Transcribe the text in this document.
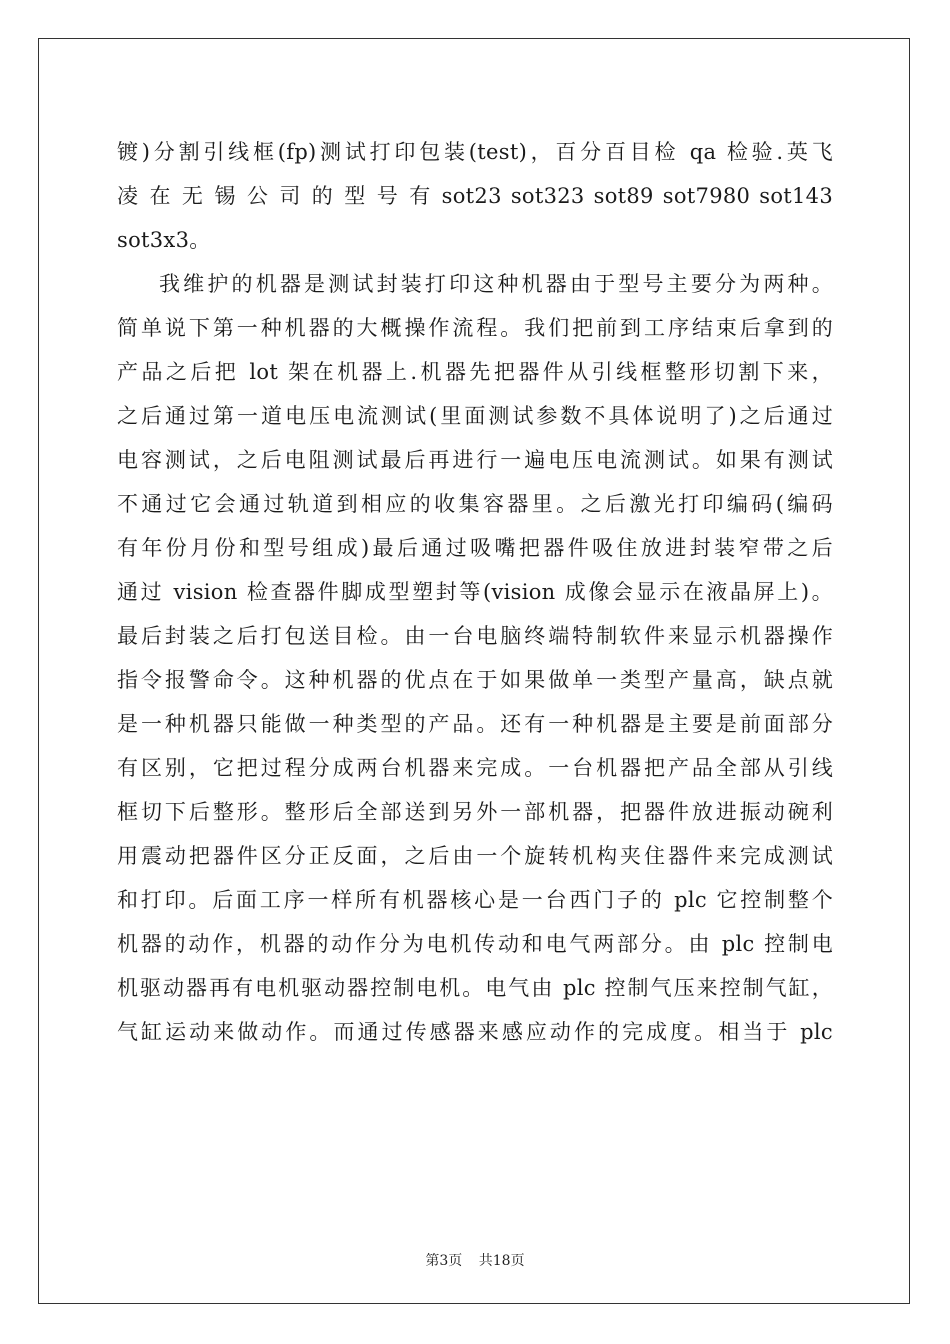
镀)分割引线框(fp)测试打印包装(test)，百分百目检 qa 检验.英飞
凌 在 无 锡 公 司 的 型 号 有 sot23 sot323 sot89 sot7980 sot143
sot3x3。
我维护的机器是测试封装打印这种机器由于型号主要分为两种。
简单说下第一种机器的大概操作流程。我们把前到工序结束后拿到的
产品之后把 lot 架在机器上.机器先把器件从引线框整形切割下来，
之后通过第一道电压电流测试(里面测试参数不具体说明了)之后通过
电容测试，之后电阻测试最后再进行一遍电压电流测试。如果有测试
不通过它会通过轨道到相应的收集容器里。之后激光打印编码(编码
有年份月份和型号组成)最后通过吸嘴把器件吸住放进封装窄带之后
通过 vision 检查器件脚成型塑封等(vision 成像会显示在液晶屏上)。
最后封装之后打包送目检。由一台电脑终端特制软件来显示机器操作
指令报警命令。这种机器的优点在于如果做单一类型产量高，缺点就
是一种机器只能做一种类型的产品。还有一种机器是主要是前面部分
有区别，它把过程分成两台机器来完成。一台机器把产品全部从引线
框切下后整形。整形后全部送到另外一部机器，把器件放进振动碗利
用震动把器件区分正反面，之后由一个旋转机构夹住器件来完成测试
和打印。后面工序一样所有机器核心是一台西门子的 plc 它控制整个
机器的动作，机器的动作分为电机传动和电气两部分。由 plc 控制电
机驱动器再有电机驱动器控制电机。电气由 plc 控制气压来控制气缸，
气缸运动来做动作。而通过传感器来感应动作的完成度。相当于 plc
第3页 共18页
